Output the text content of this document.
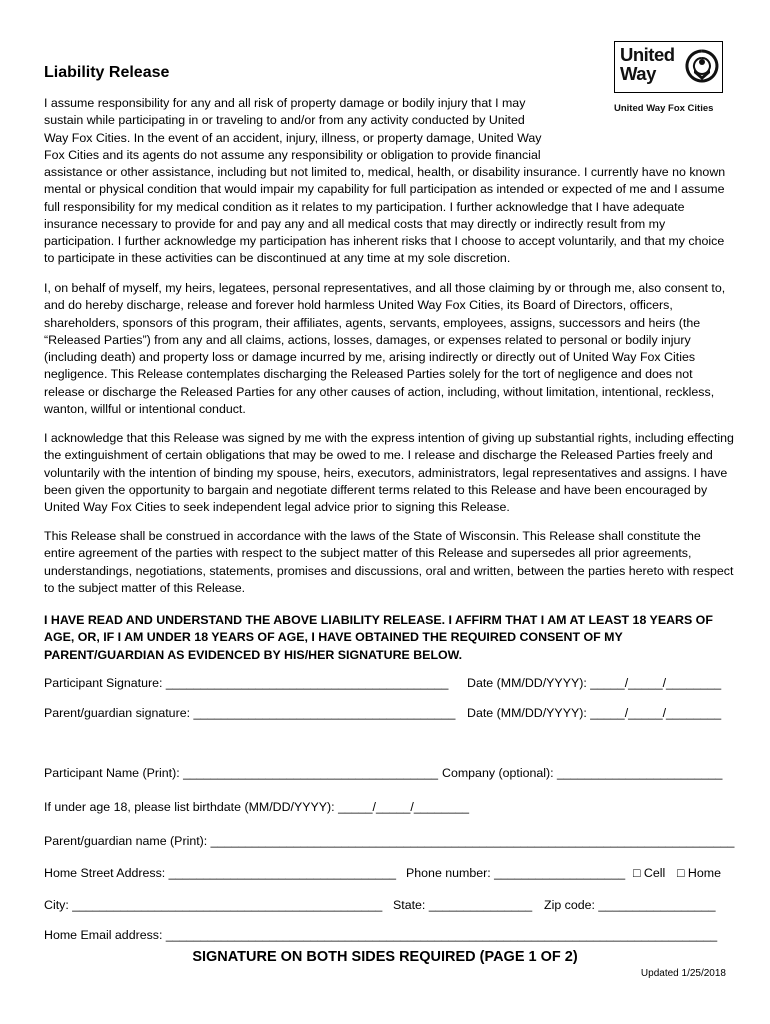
Liability Release
United
Way
United Way Fox Cities
I assume responsibility for any and all risk of property damage or bodily injury that I may sustain while participating in or traveling to and/or from any activity conducted by United Way Fox Cities. In the event of an accident, injury, illness, or property damage, United Way Fox Cities and its agents do not assume any responsibility or obligation to provide financial
assistance or other assistance, including but not limited to, medical, health, or disability insurance. I currently have no known mental or physical condition that would impair my capability for full participation as intended or expected of me and I assume full responsibility for my medical condition as it relates to my participation. I further acknowledge that I have adequate insurance necessary to provide for and pay any and all medical costs that may directly or indirectly result from my participation. I further acknowledge my participation has inherent risks that I choose to accept voluntarily, and that my choice to participate in these activities can be discontinued at any time at my sole discretion.
I, on behalf of myself, my heirs, legatees, personal representatives, and all those claiming by or through me, also consent to, and do hereby discharge, release and forever hold harmless United Way Fox Cities, its Board of Directors, officers, shareholders, sponsors of this program, their affiliates, agents, servants, employees, assigns, successors and heirs (the “Released Parties”) from any and all claims, actions, losses, damages, or expenses related to personal or bodily injury (including death) and property loss or damage incurred by me, arising indirectly or directly out of United Way Fox Cities negligence. This Release contemplates discharging the Released Parties solely for the tort of negligence and does not release or discharge the Released Parties for any other causes of action, including, without limitation, intentional, reckless, wanton, willful or intentional conduct.
I acknowledge that this Release was signed by me with the express intention of giving up substantial rights, including effecting the extinguishment of certain obligations that may be owed to me. I release and discharge the Released Parties freely and voluntarily with the intention of binding my spouse, heirs, executors, administrators, legal representatives and assigns. I have been given the opportunity to bargain and negotiate different terms related to this Release and have been encouraged by United Way Fox Cities to seek independent legal advice prior to signing this Release.
This Release shall be construed in accordance with the laws of the State of Wisconsin. This Release shall constitute the entire agreement of the parties with respect to the subject matter of this Release and supersedes all prior agreements, understandings, negotiations, statements, promises and discussions, oral and written, between the parties hereto with respect to the subject matter of this Release.
I HAVE READ AND UNDERSTAND THE ABOVE LIABILITY RELEASE. I AFFIRM THAT I AM AT LEAST 18 YEARS OF AGE, OR, IF I AM UNDER 18 YEARS OF AGE, I HAVE OBTAINED THE REQUIRED CONSENT OF MY PARENT/GUARDIAN AS EVIDENCED BY HIS/HER SIGNATURE BELOW.
Participant Signature: _________________________________________ Date (MM/DD/YYYY): _____/_____/________
Parent/guardian signature: ______________________________________ Date (MM/DD/YYYY): _____/_____/________
Participant Name (Print): _____________________________________ Company (optional): ________________________
If under age 18, please list birthdate (MM/DD/YYYY): _____/_____/________
Parent/guardian name (Print): ____________________________________________________________________________
Home Street Address: _________________________________ Phone number: ___________________ □ Cell □ Home
City: _____________________________________________ State: _______________ Zip code: _________________
Home Email address: ________________________________________________________________________________
SIGNATURE ON BOTH SIDES REQUIRED (PAGE 1 OF 2)
Updated 1/25/2018
